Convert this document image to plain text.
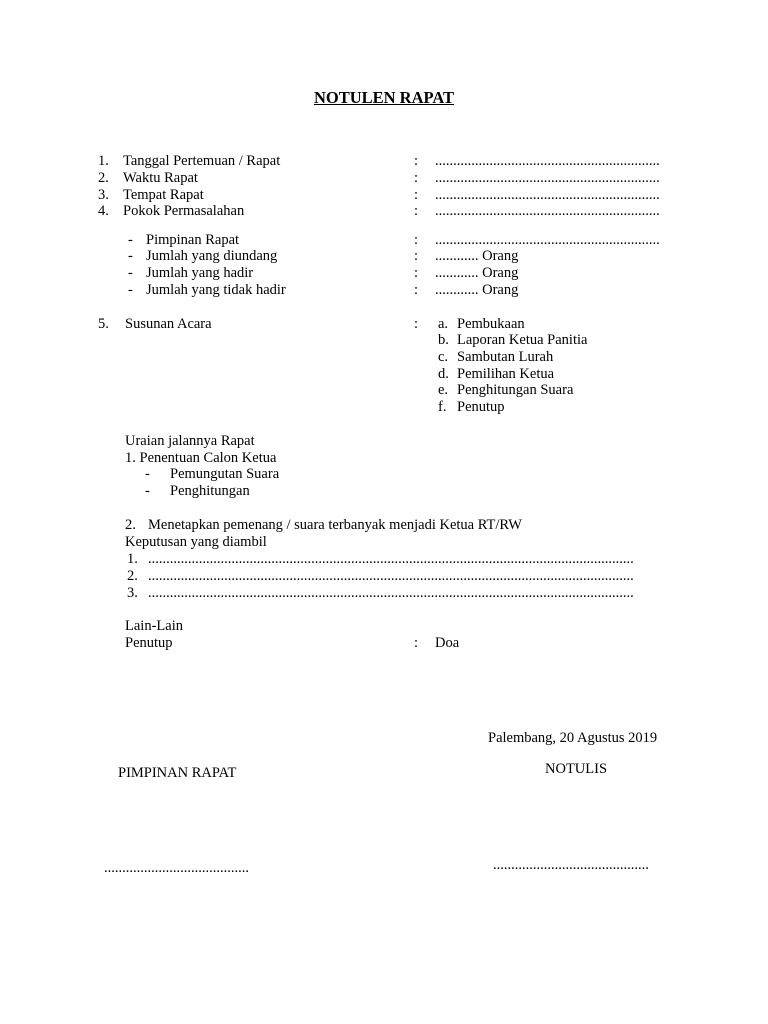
NOTULEN RAPAT
1. Tanggal Pertemuan / Rapat	: ..............................................................
2. Waktu Rapat	: ..............................................................
3. Tempat Rapat	: ..............................................................
4. Pokok Permasalahan	: ..............................................................
- Pimpinan Rapat	: ..............................................................
- Jumlah yang diundang	: ............ Orang
- Jumlah yang hadir	: ............ Orang
- Jumlah yang tidak hadir	: ............ Orang
5. Susunan Acara	: a. Pembukaan
b. Laporan Ketua Panitia
c. Sambutan Lurah
d. Pemilihan Ketua
e. Penghitungan Suara
f. Penutup
Uraian jalannya Rapat
1. Penentuan Calon Ketua
- Pemungutan Suara
- Penghitungan
2. Menetapkan pemenang / suara terbanyak menjadi Ketua RT/RW
Keputusan yang diambil
1. ......................................................................................................................................
2. ......................................................................................................................................
3. ......................................................................................................................................
Lain-Lain
Penutup	: Doa
Palembang, 20 Agustus 2019
NOTULIS
PIMPINAN RAPAT
........................................	...........................................
